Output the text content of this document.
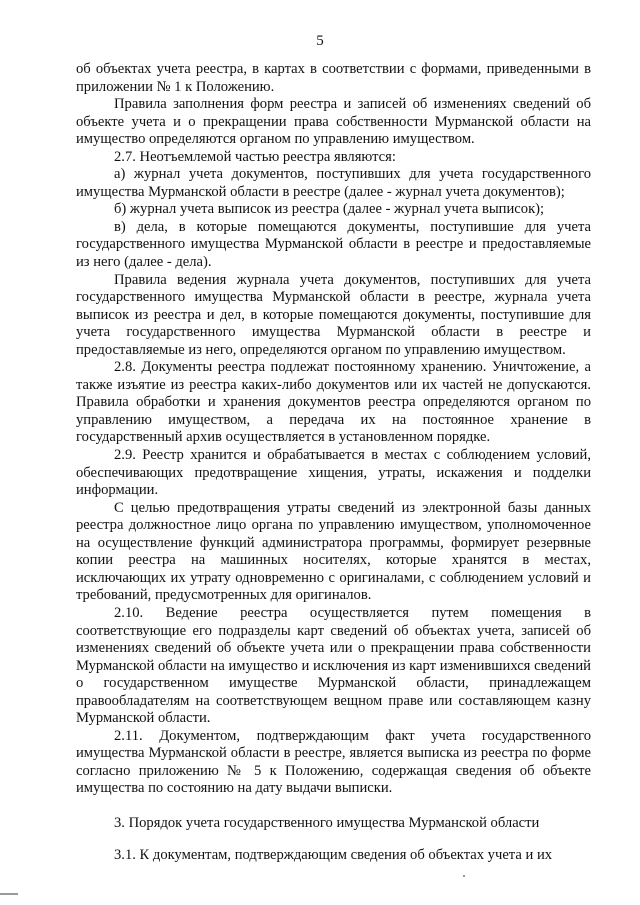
5

об объектах учета реестра, в картах в соответствии с формами, приведенными в приложении № 1 к Положению.

Правила заполнения форм реестра и записей об изменениях сведений об объекте учета и о прекращении права собственности Мурманской области на имущество определяются органом по управлению имуществом.

2.7. Неотъемлемой частью реестра являются:

а) журнал учета документов, поступивших для учета государственного имущества Мурманской области в реестре (далее - журнал учета документов);

б) журнал учета выписок из реестра (далее - журнал учета выписок);

в) дела, в которые помещаются документы, поступившие для учета государственного имущества Мурманской области в реестре и предоставляемые из него (далее - дела).

Правила ведения журнала учета документов, поступивших для учета государственного имущества Мурманской области в реестре, журнала учета выписок из реестра и дел, в которые помещаются документы, поступившие для учета государственного имущества Мурманской области в реестре и предоставляемые из него, определяются органом по управлению имуществом.

2.8. Документы реестра подлежат постоянному хранению. Уничтожение, а также изъятие из реестра каких-либо документов или их частей не допускаются. Правила обработки и хранения документов реестра определяются органом по управлению имуществом, а передача их на постоянное хранение в государственный архив осуществляется в установленном порядке.

2.9. Реестр хранится и обрабатывается в местах с соблюдением условий, обеспечивающих предотвращение хищения, утраты, искажения и подделки информации.

С целью предотвращения утраты сведений из электронной базы данных реестра должностное лицо органа по управлению имуществом, уполномоченное на осуществление функций администратора программы, формирует резервные копии реестра на машинных носителях, которые хранятся в местах, исключающих их утрату одновременно с оригиналами, с соблюдением условий и требований, предусмотренных для оригиналов.

2.10. Ведение реестра осуществляется путем помещения в соответствующие его подразделы карт сведений об объектах учета, записей об изменениях сведений об объекте учета или о прекращении права собственности Мурманской области на имущество и исключения из карт изменившихся сведений о государственном имуществе Мурманской области, принадлежащем правообладателям на соответствующем вещном праве или составляющем казну Мурманской области.

2.11. Документом, подтверждающим факт учета государственного имущества Мурманской области в реестре, является выписка из реестра по форме согласно приложению № 5 к Положению, содержащая сведения об объекте имущества по состоянию на дату выдачи выписки.

3. Порядок учета государственного имущества Мурманской области

3.1. К документам, подтверждающим сведения об объектах учета и их
